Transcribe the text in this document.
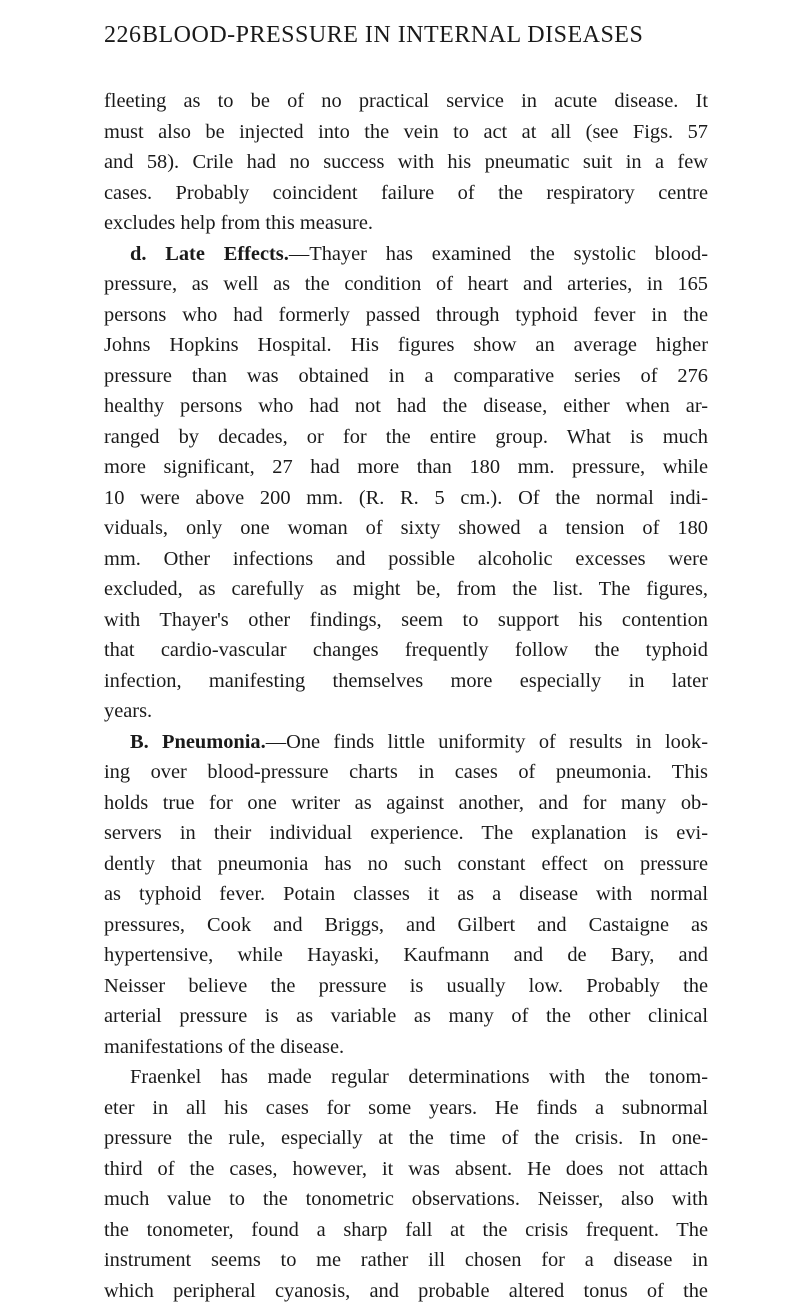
226BLOOD-PRESSURE IN INTERNAL DISEASES
fleeting as to be of no practical service in acute disease. It
must also be injected into the vein to act at all (see Figs. 57
and 58). Crile had no success with his pneumatic suit in a few
cases. Probably coincident failure of the respiratory centre
excludes help from this measure.
d. Late Effects.—Thayer has examined the systolic blood-
pressure, as well as the condition of heart and arteries, in 165
persons who had formerly passed through typhoid fever in the
Johns Hopkins Hospital. His figures show an average higher
pressure than was obtained in a comparative series of 276
healthy persons who had not had the disease, either when ar-
ranged by decades, or for the entire group. What is much
more significant, 27 had more than 180 mm. pressure, while
10 were above 200 mm. (R. R. 5 cm.). Of the normal indi-
viduals, only one woman of sixty showed a tension of 180
mm. Other infections and possible alcoholic excesses were
excluded, as carefully as might be, from the list. The figures,
with Thayer's other findings, seem to support his contention
that cardio-vascular changes frequently follow the typhoid
infection, manifesting themselves more especially in later
years.
B. Pneumonia.—One finds little uniformity of results in look-
ing over blood-pressure charts in cases of pneumonia. This
holds true for one writer as against another, and for many ob-
servers in their individual experience. The explanation is evi-
dently that pneumonia has no such constant effect on pressure
as typhoid fever. Potain classes it as a disease with normal
pressures, Cook and Briggs, and Gilbert and Castaigne as
hypertensive, while Hayaski, Kaufmann and de Bary, and
Neisser believe the pressure is usually low. Probably the
arterial pressure is as variable as many of the other clinical
manifestations of the disease.
Fraenkel has made regular determinations with the tonom-
eter in all his cases for some years. He finds a subnormal
pressure the rule, especially at the time of the crisis. In one-
third of the cases, however, it was absent. He does not attach
much value to the tonometric observations. Neisser, also with
the tonometer, found a sharp fall at the crisis frequent. The
instrument seems to me rather ill chosen for a disease in
which peripheral cyanosis, and probable altered tonus of the
